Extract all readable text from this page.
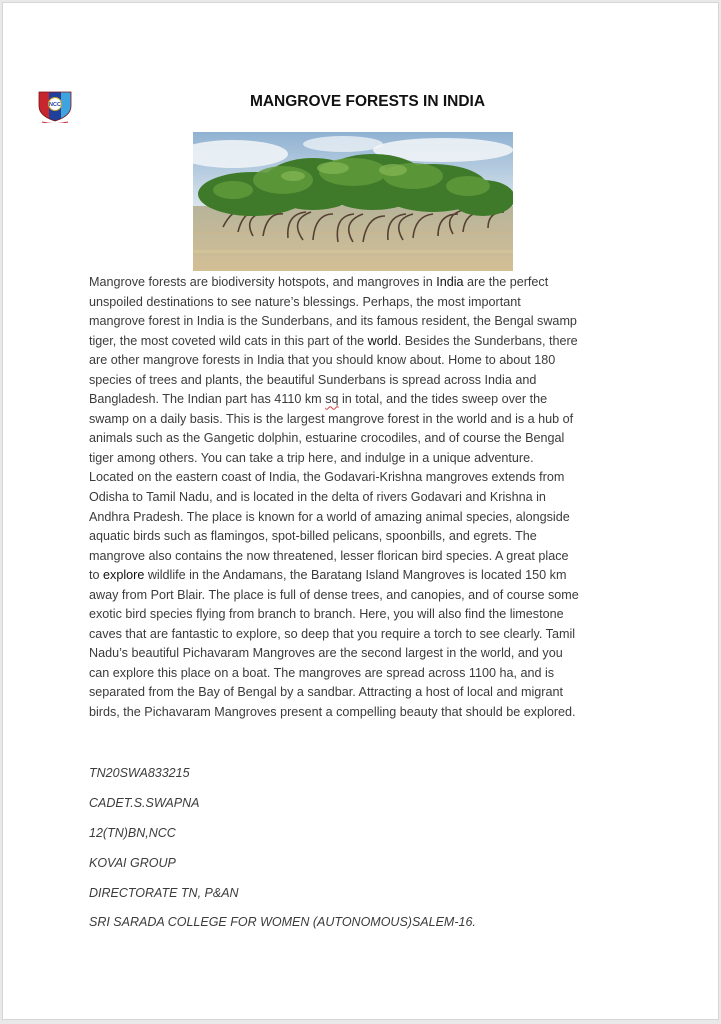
NCC	MANGROVE FORESTS IN INDIA
Mangrove forests are biodiversity hotspots, and mangroves in India are the perfect
unspoiled destinations to see nature’s blessings. Perhaps, the most important
mangrove forest in India is the Sunderbans, and its famous resident, the Bengal swamp
tiger, the most coveted wild cats in this part of the world. Besides the Sunderbans, there
are other mangrove forests in India that you should know about. Home to about 180
species of trees and plants, the beautiful Sunderbans is spread across India and
Bangladesh. The Indian part has 4110 km sq in total, and the tides sweep over the
swamp on a daily basis. This is the largest mangrove forest in the world and is a hub of
animals such as the Gangetic dolphin, estuarine crocodiles, and of course the Bengal
tiger among others. You can take a trip here, and indulge in a unique adventure.
Located on the eastern coast of India, the Godavari-Krishna mangroves extends from
Odisha to Tamil Nadu, and is located in the delta of rivers Godavari and Krishna in
Andhra Pradesh. The place is known for a world of amazing animal species, alongside
aquatic birds such as flamingos, spot-billed pelicans, spoonbills, and egrets. The
mangrove also contains the now threatened, lesser florican bird species. A great place
to explore wildlife in the Andamans, the Baratang Island Mangroves is located 150 km
away from Port Blair. The place is full of dense trees, and canopies, and of course some
exotic bird species flying from branch to branch. Here, you will also find the limestone
caves that are fantastic to explore, so deep that you require a torch to see clearly. Tamil
Nadu’s beautiful Pichavaram Mangroves are the second largest in the world, and you
can explore this place on a boat. The mangroves are spread across 1100 ha, and is
separated from the Bay of Bengal by a sandbar. Attracting a host of local and migrant
birds, the Pichavaram Mangroves present a compelling beauty that should be explored.
TN20SWA833215
CADET.S.SWAPNA
12(TN)BN,NCC
KOVAI GROUP
DIRECTORATE TN, P&AN
SRI SARADA COLLEGE FOR WOMEN (AUTONOMOUS)SALEM-16.
